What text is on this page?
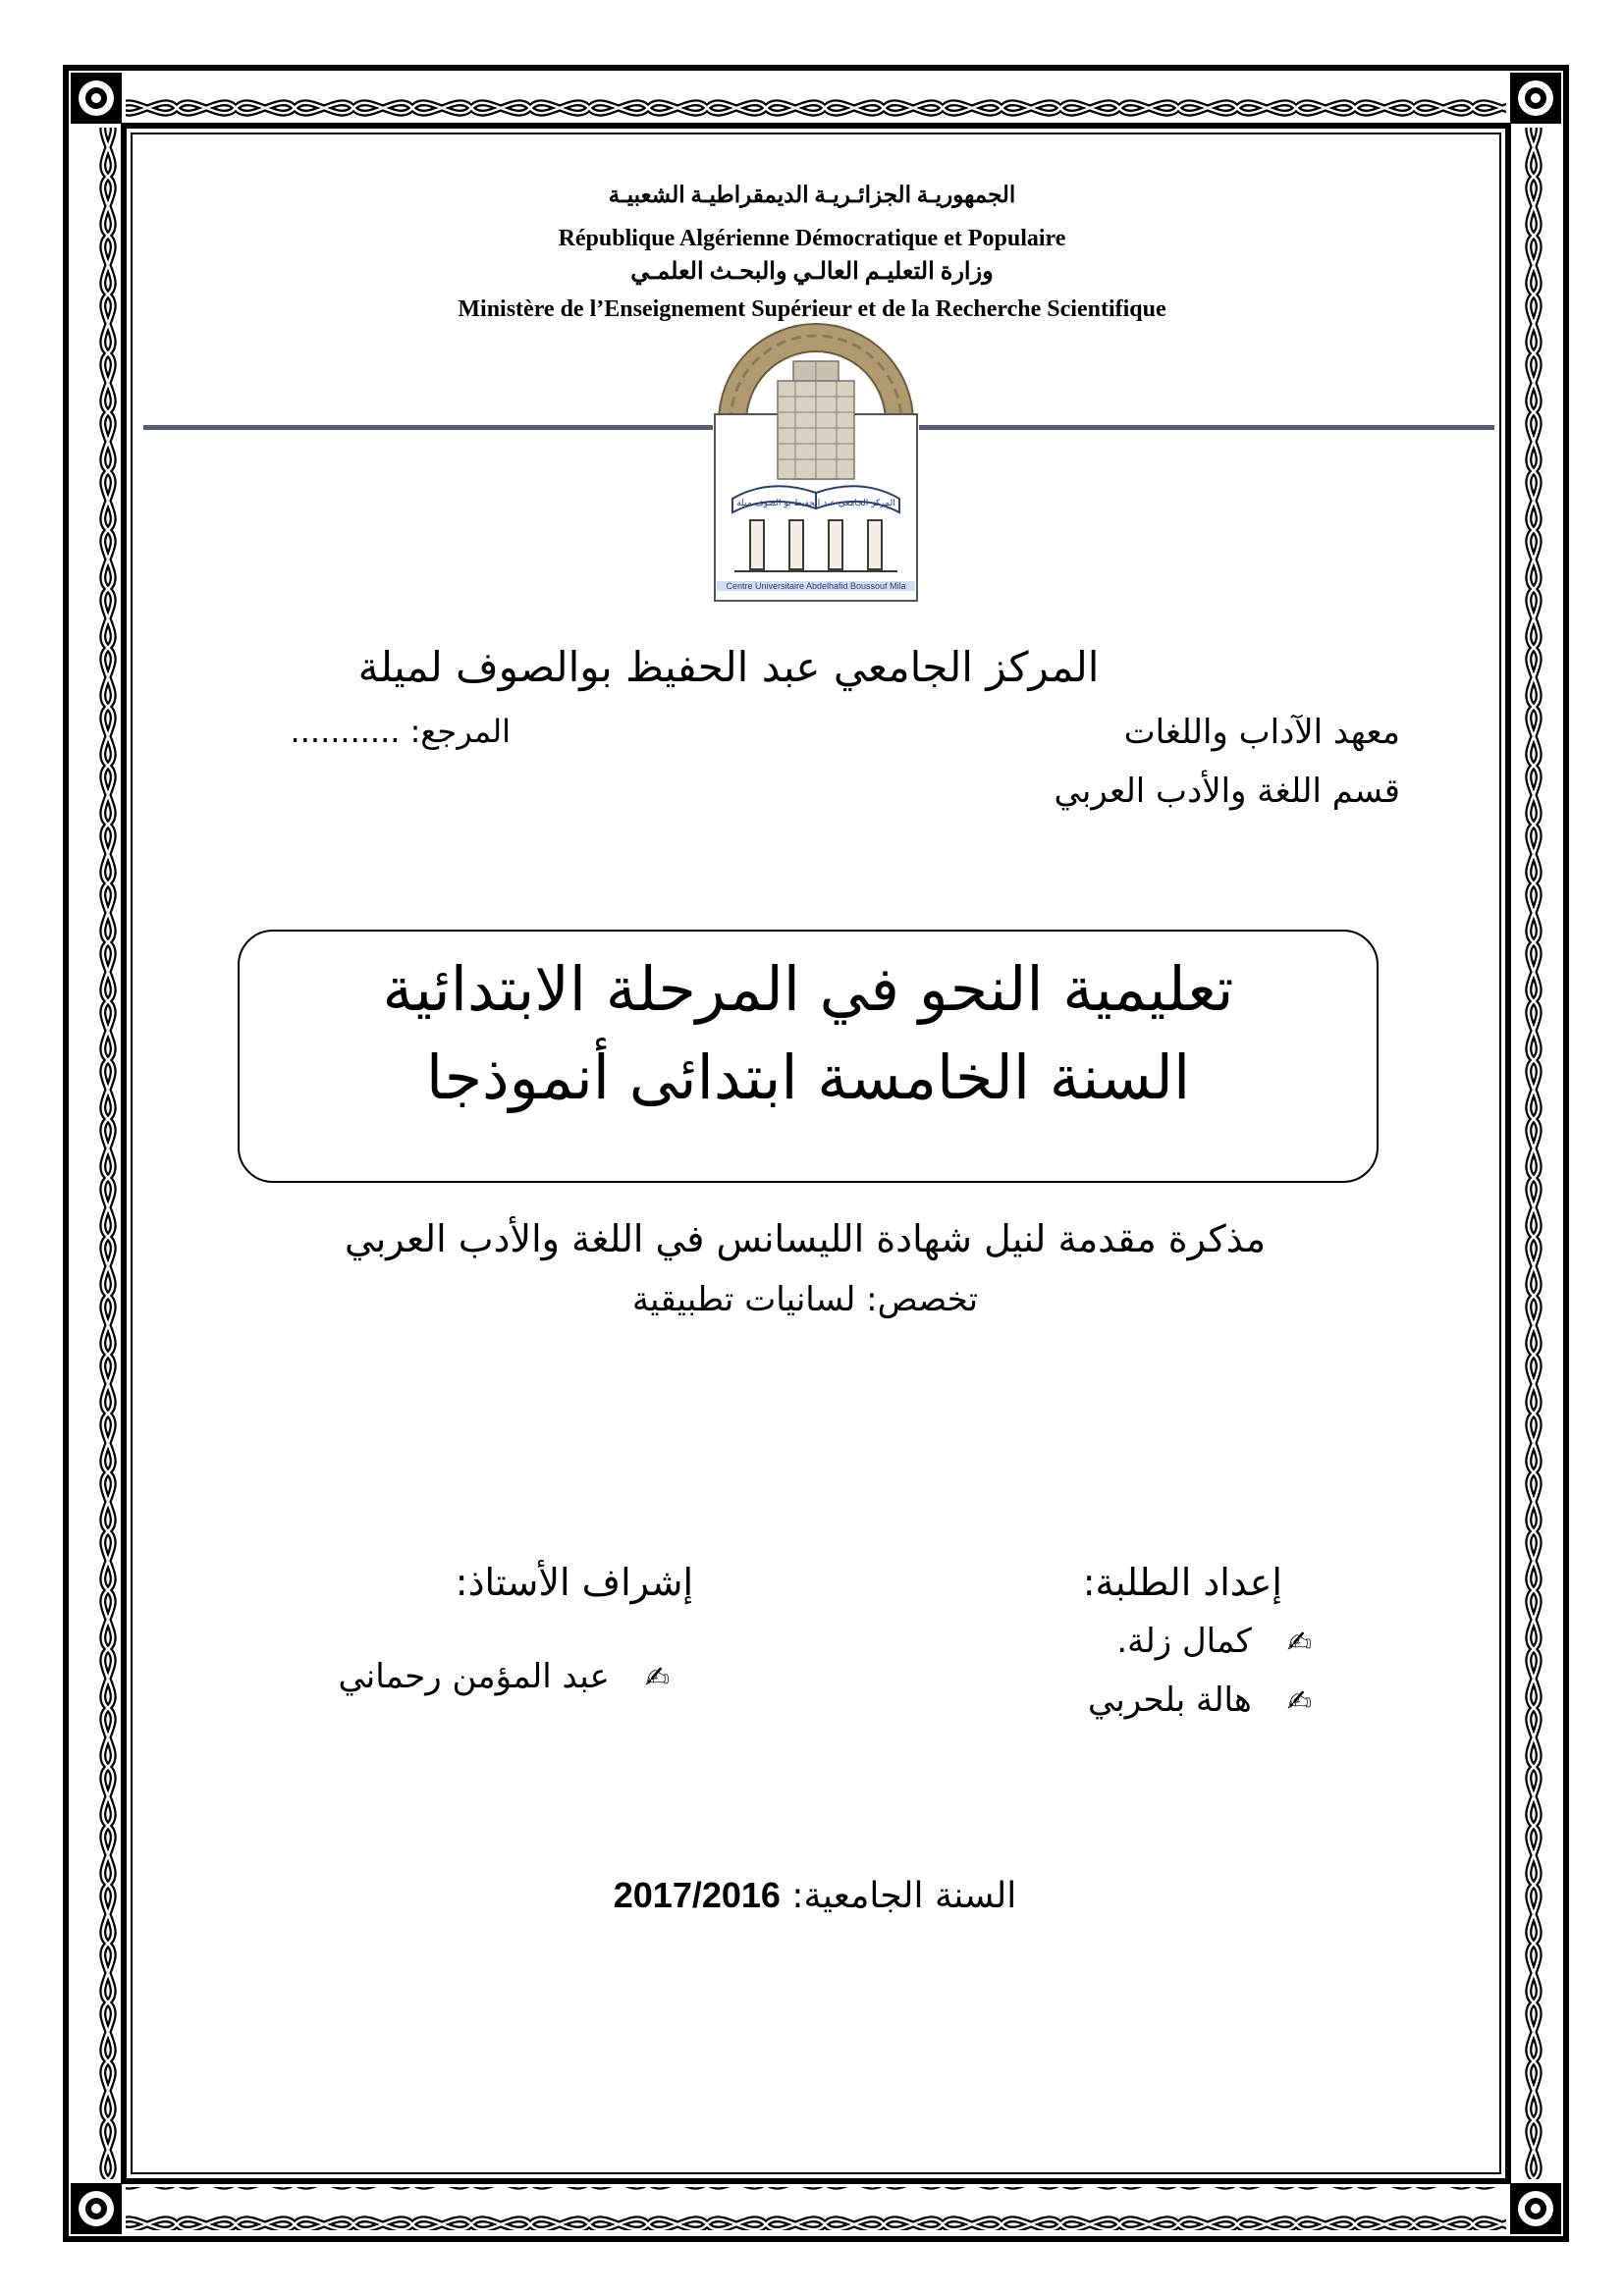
الجمهوريـة الجزائـريـة الديمقراطيـة الشعبيـة
République Algérienne Démocratique et Populaire
وزارة التعليـم العالـي والبحـث العلمـي
Ministère de l’Enseignement Supérieur et de la Recherche Scientifique
المركز الجامعي عبد الحفيظ بو الصوف ميلة
Centre Universitaire Abdelhafid Boussouf Mila
المركز الجامعي عبد الحفيظ بوالصوف لميلة
معهد الآداب واللغات
المرجع: ...........
قسم اللغة والأدب العربي
تعليمية النحو في المرحلة الابتدائية
السنة الخامسة ابتدائى أنموذجا
مذكرة مقدمة لنيل شهادة الليسانس في اللغة والأدب العربي
تخصص: لسانيات تطبيقية
إعداد الطلبة:
✍كمال زلة.
✍هالة بلحربي
إشراف الأستاذ:
✍عبد المؤمن رحماني
السنة الجامعية: 2017/2016
